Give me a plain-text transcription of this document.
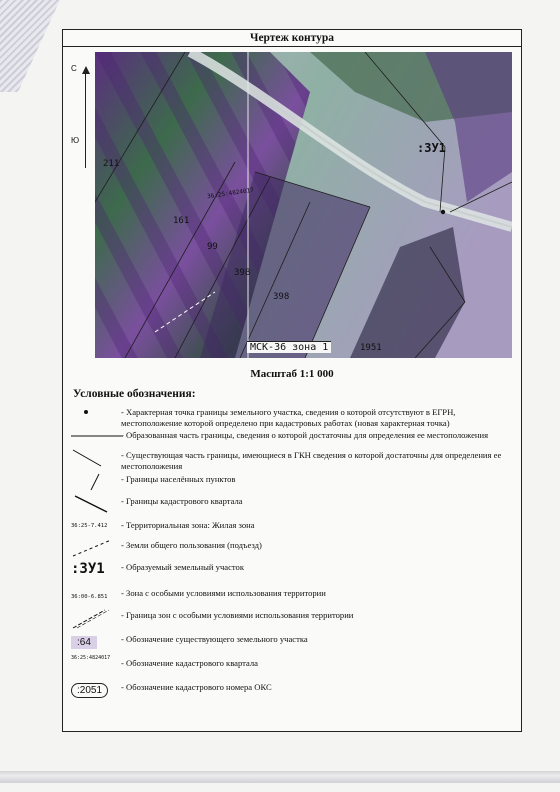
Чертеж контура
С
Ю
211
161
99
398
398
1951
:ЗУ1
36:25:4824017
МСК-36 зона 1
Масштаб 1:1 000
Условные обозначения:
- Характерная точка границы земельного участка, сведения о которой отсутствуют в ЕГРН, местоположение которой определено при кадастровых работах (новая характерная точка)
- Образованная часть границы, сведения о которой достаточны для определения ее местоположения
- Существующая часть границы, имеющиеся в ГКН сведения о которой достаточны для определения ее местоположения
- Границы населённых пунктов
- Границы кадастрового квартала
36:25-7.412	- Территориальная зона: Жилая зона
- Земли общего пользования (подъезд)
:ЗУ1	- Образуемый земельный участок
36:00-6.851	- Зона с особыми условиями использования территории
- Граница зон с особыми условиями использования территории
:64	- Обозначение существующего земельного участка
36:25:4824017	- Обозначение кадастрового квартала
:2051	- Обозначение кадастрового номера ОКС
